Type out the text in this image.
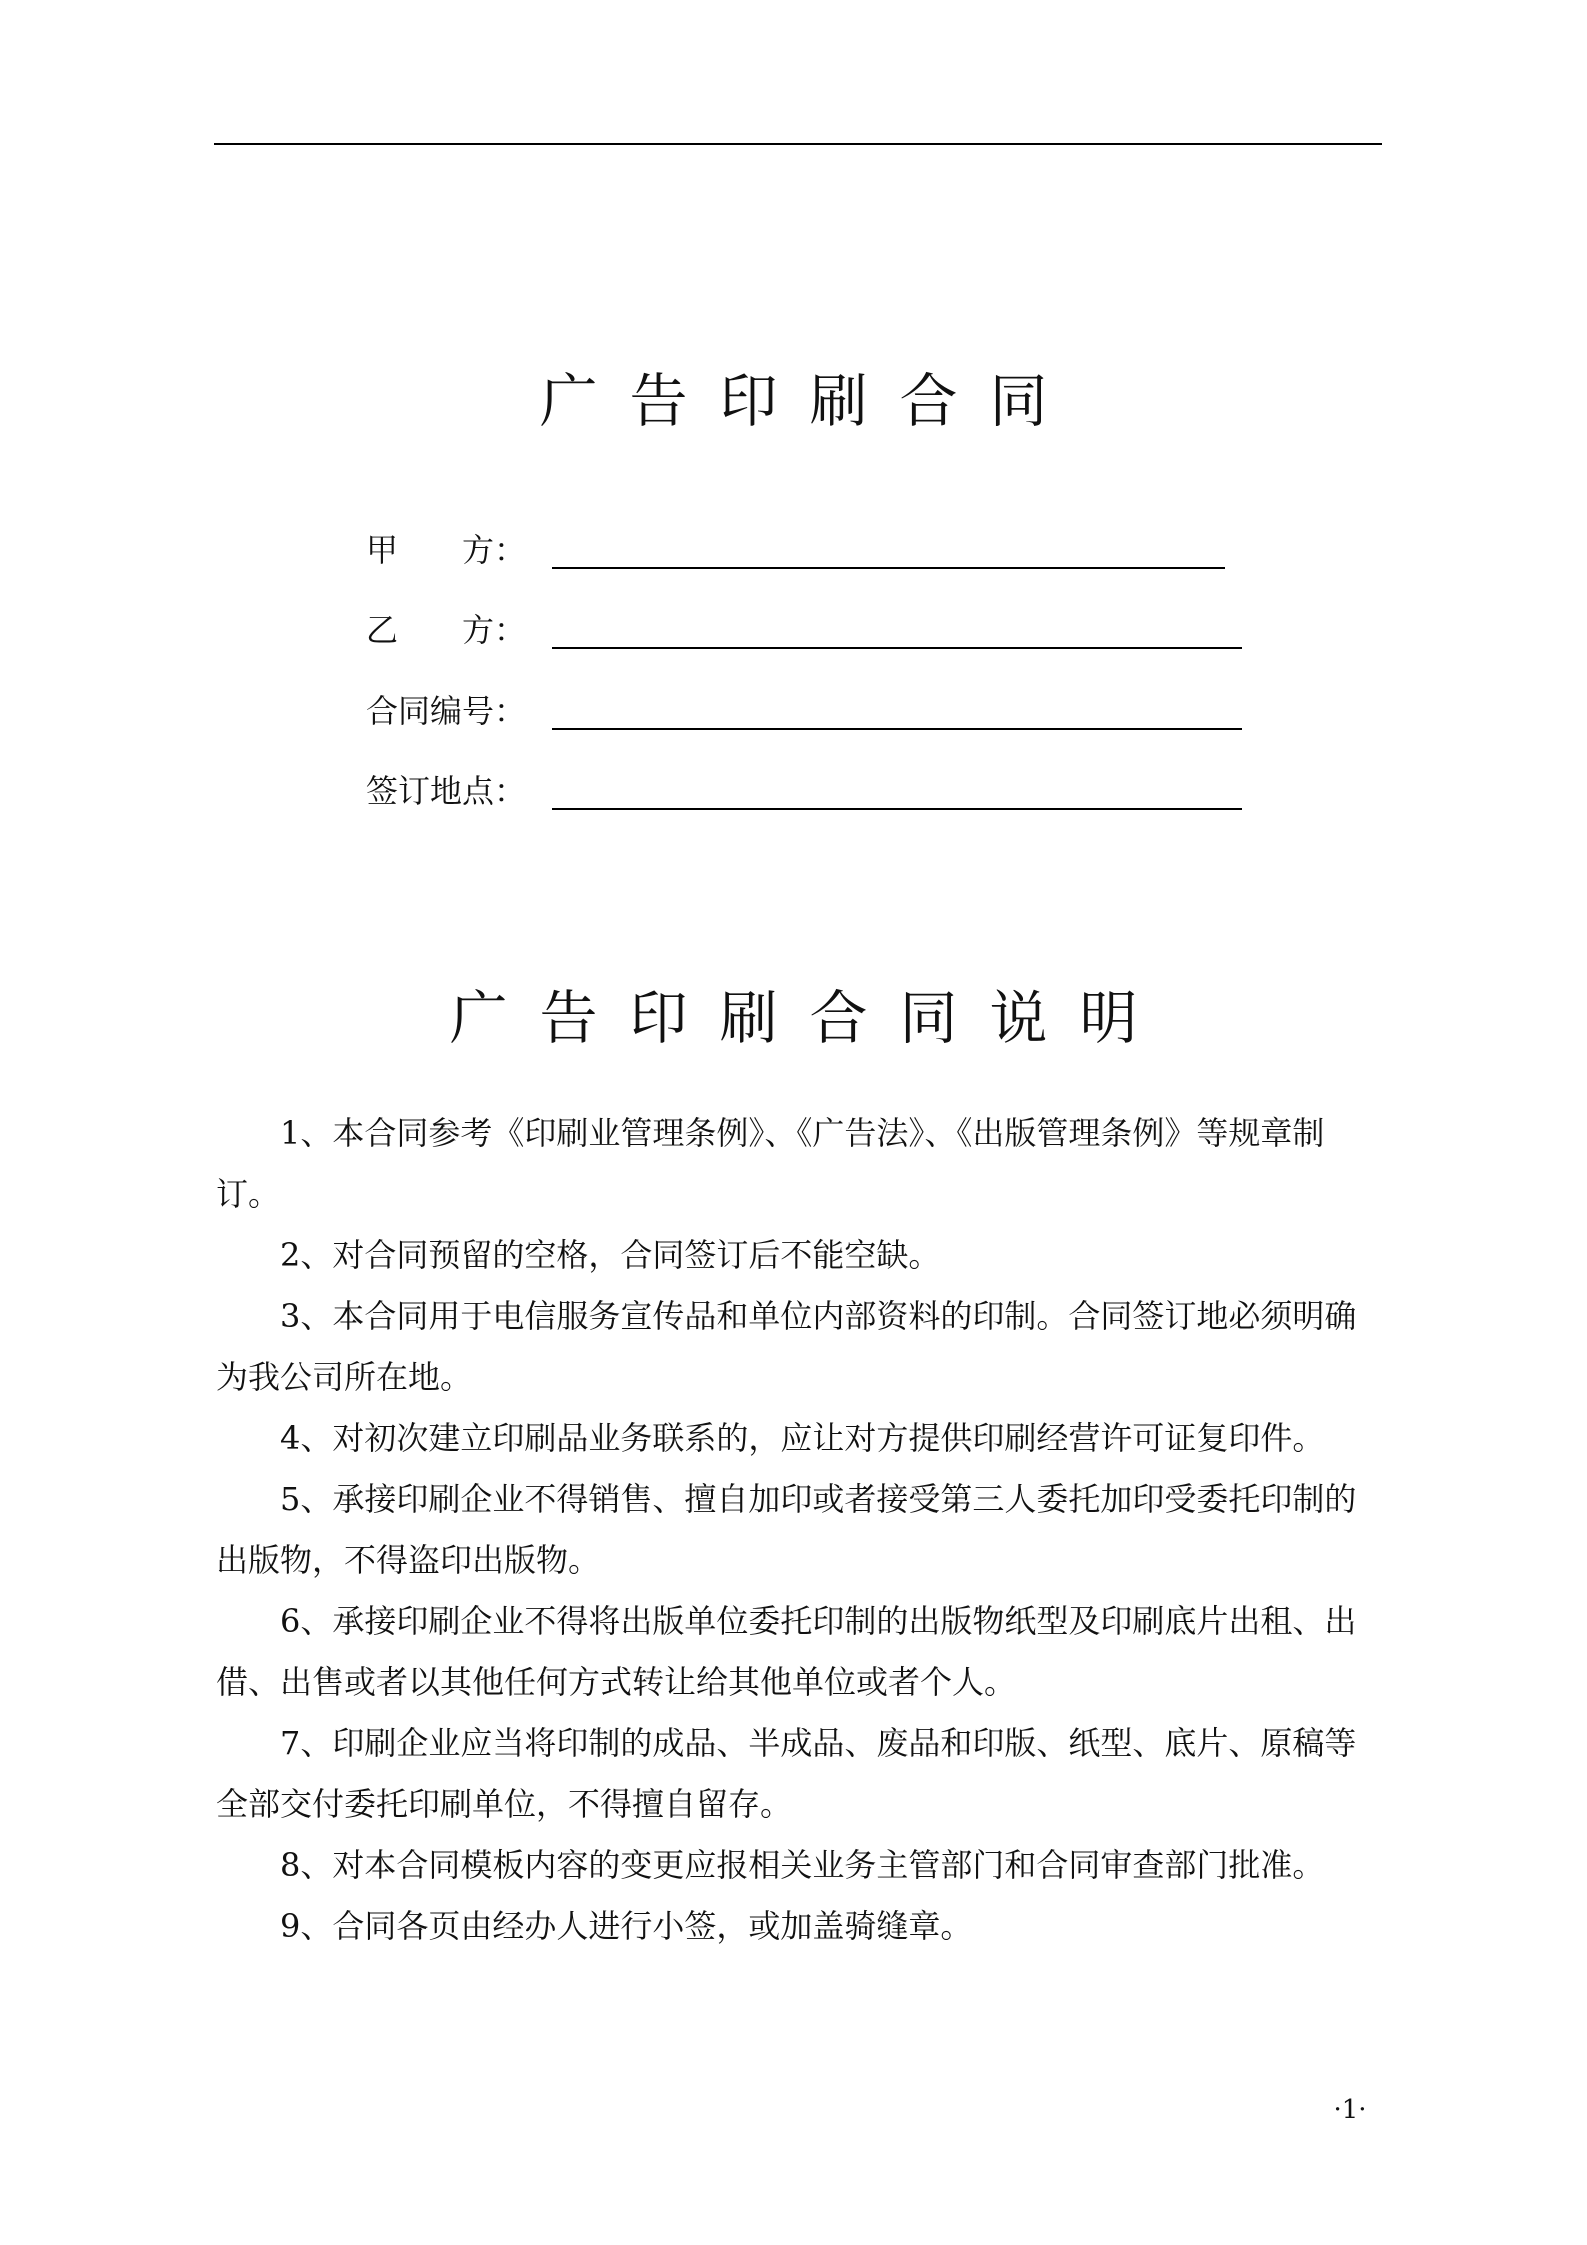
广告印刷合同
甲　　方：
乙　　方：
合同编号：
签订地点：
广告印刷合同说明

1、本合同参考《印刷业管理条例》、《广告法》、《出版管理条例》等规章制订。

2、对合同预留的空格，合同签订后不能空缺。

3、本合同用于电信服务宣传品和单位内部资料的印制。合同签订地必须明确为我公司所在地。

4、对初次建立印刷品业务联系的，应让对方提供印刷经营许可证复印件。

5、承接印刷企业不得销售、擅自加印或者接受第三人委托加印受委托印制的出版物，不得盗印出版物。

6、承接印刷企业不得将出版单位委托印制的出版物纸型及印刷底片出租、出借、出售或者以其他任何方式转让给其他单位或者个人。

7、印刷企业应当将印制的成品、半成品、废品和印版、纸型、底片、原稿等全部交付委托印刷单位，不得擅自留存。

8、对本合同模板内容的变更应报相关业务主管部门和合同审查部门批准。

9、合同各页由经办人进行小签，或加盖骑缝章。

·1·
